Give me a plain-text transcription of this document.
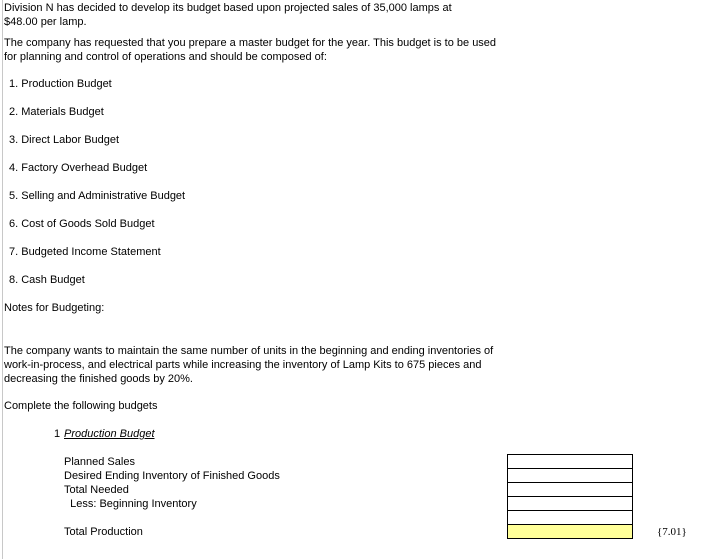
Division N has decided to develop its budget based upon projected sales of 35,000 lamps at
$48.00 per lamp.
The company has requested that you prepare a master budget for the year. This budget is to be used
for planning and control of operations and should be composed of:
1. Production Budget
2. Materials Budget
3. Direct Labor Budget
4. Factory Overhead Budget
5. Selling and Administrative Budget
6. Cost of Goods Sold Budget
7. Budgeted Income Statement
8. Cash Budget
Notes for Budgeting:
The company wants to maintain the same number of units in the beginning and ending inventories of
work-in-process, and electrical parts while increasing the inventory of Lamp Kits to 675 pieces and
decreasing the finished goods by 20%.
Complete the following budgets
1 Production Budget
Planned Sales
Desired Ending Inventory of Finished Goods
Total Needed
Less: Beginning Inventory
Total Production	{7.01}
